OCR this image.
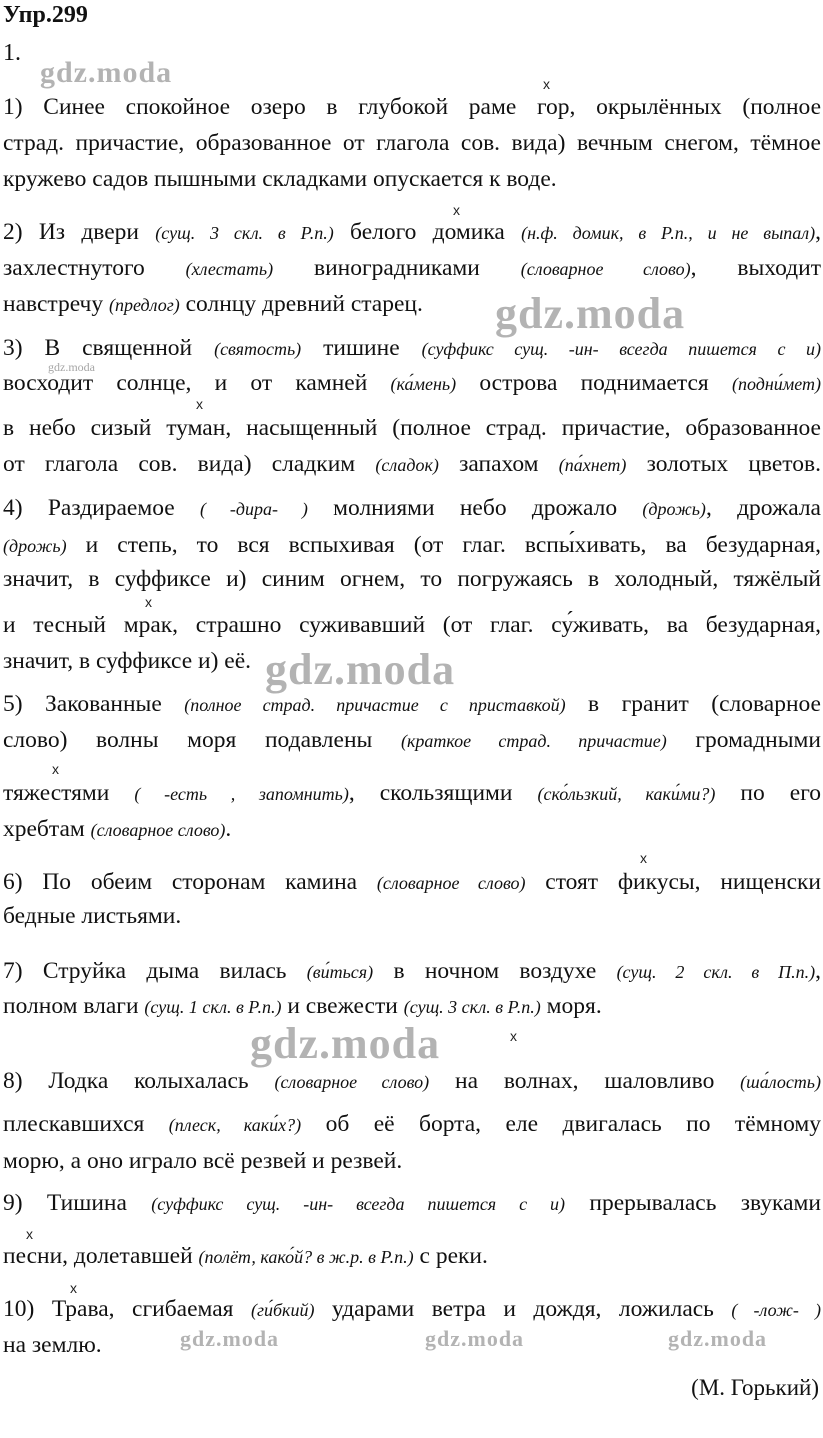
Упр.299
1.
x
x
x
x
x
x
x
x
x
1) Синее спокойное озеро в глубокой раме гор, окрылённых (полное
страд. причастие, образованное от глагола сов. вида) вечным снегом, тёмное
кружево садов пышными складками опускается к воде.
2) Из двери (сущ. 3 скл. в Р.п.) белого домика (н.ф. домик, в Р.п., и не выпал),
захлестнутого (хлестать) виноградниками (словарное слово), выходит
навстречу (предлог) солнцу древний старец.
3) В священной (святость) тишине (суффикс сущ. -ин- всегда пишется с и)
восходит солнце, и от камней (ка́мень) острова поднимается (подни́мет)
в небо сизый туман, насыщенный (полное страд. причастие, образованное
от глагола сов. вида) сладким (сладок) запахом (па́хнет) золотых цветов.
4) Раздираемое ( -дира- ) молниями небо дрожало (дрожь), дрожала
(дрожь) и степь, то вся вспыхивая (от глаг. вспы́хивать, ва безударная,
значит, в суффиксе и) синим огнем, то погружаясь в холодный, тяжёлый
и тесный мрак, страшно суживавший (от глаг. су́живать, ва безударная,
значит, в суффиксе и) её.
5) Закованные (полное страд. причастие с приставкой) в гранит (словарное
слово) волны моря подавлены (краткое страд. причастие) громадными
тяжестями ( -есть , запомнить), скользящими (ско́льзкий, каки́ми?) по его
хребтам (словарное слово).
6) По обеим сторонам камина (словарное слово) стоят фикусы, нищенски
бедные листьями.
7) Струйка дыма вилась (ви́ться) в ночном воздухе (сущ. 2 скл. в П.п.),
полном влаги (сущ. 1 скл. в Р.п.) и свежести (сущ. 3 скл. в Р.п.) моря.
8) Лодка колыхалась (словарное слово) на волнах, шаловливо (ша́лость)
плескавшихся (плеск, каки́х?) об её борта, еле двигалась по тёмному
морю, а оно играло всё резвей и резвей.
9) Тишина (суффикс сущ. -ин- всегда пишется с и) прерывалась звуками
песни, долетавшей (полёт, како́й? в ж.р. в Р.п.) с реки.
10) Трава, сгибаемая (ги́бкий) ударами ветра и дождя, ложилась ( -лож- )
на землю.
(М. Горький)
gdz.moda
gdz.moda
gdz.moda
gdz.moda
gdz.moda
gdz.moda	gdz.moda	gdz.moda
